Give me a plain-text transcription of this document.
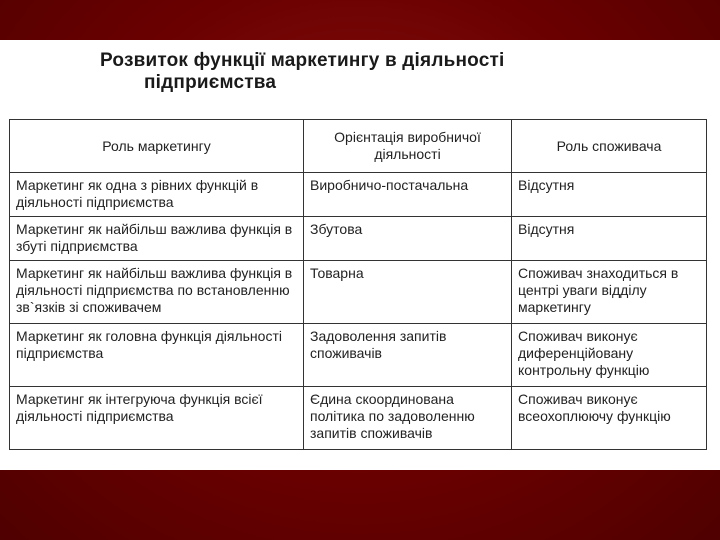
Розвиток функції маркетингу в діяльності
підприємства
Роль маркетингу	Орієнтація виробничої діяльності	Роль споживача
Маркетинг як одна з рівних функцій в діяльності підприємства	Виробничо-постачальна	Відсутня
Маркетинг як найбільш важлива функція в збуті підприємства	Збутова	Відсутня
Маркетинг як найбільш важлива функція в діяльності підприємства по встановленню зв`язків зі споживачем	Товарна	Споживач знаходиться в центрі уваги відділу маркетингу
Маркетинг як головна функція діяльності підприємства	Задоволення запитів споживачів	Споживач виконує диференційовану контрольну функцію
Маркетинг як інтегруюча функція всієї діяльності підприємства	Єдина скоординована політика по задоволенню запитів споживачів	Споживач виконує всеохоплюючу функцію
